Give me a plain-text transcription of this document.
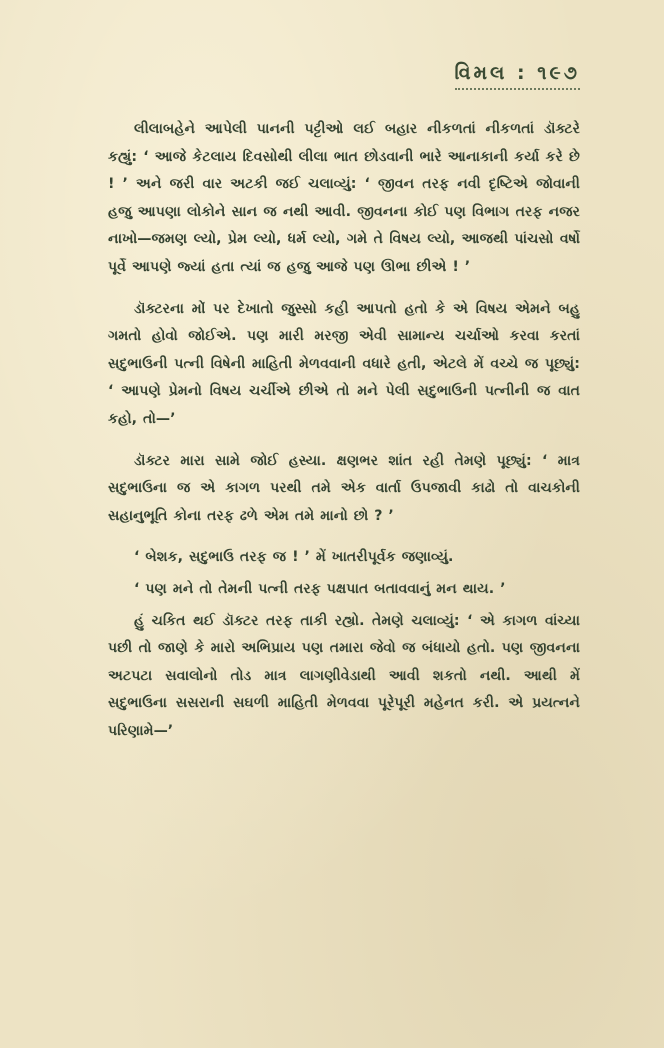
વિમલ : ૧૯૭

લીલાબહેને આપેલી પાનની પટ્ટીઓ લઈ બહાર નીકળતાં નીકળતાં ડૉક્ટરે કહ્યું: ‘ આજે કેટલાય દિવસોથી લીલા ભાત છોડવાની ભારે આનાકાની કર્યા કરે છે ! ’ અને જરી વાર અટકી જઈ ચલાવ્યું: ‘ જીવન તરફ નવી દૃષ્ટિએ જોવાની હજુ આપણા લોકોને સાન જ નથી આવી. જીવનના કોઈ પણ વિભાગ તરફ નજર નાખો—જમણ લ્યો, પ્રેમ લ્યો, ધર્મ લ્યો, ગમે તે વિષય લ્યો, આજથી પાંચસો વર્ષો પૂર્વે આપણે જ્યાં હતા ત્યાં જ હજુ આજે પણ ઊભા છીએ ! ’

ડૉક્ટરના મોં પર દેખાતો જુસ્સો કહી આપતો હતો કે એ વિષય એમને બહુ ગમતો હોવો જોઈએ. પણ મારી મરજી એવી સામાન્ય ચર્ચાઓ કરવા કરતાં સદુભાઉની પત્ની વિષેની માહિતી મેળવવાની વધારે હતી, એટલે મેં વચ્ચે જ પૂછ્યું: ‘ આપણે પ્રેમનો વિષય ચર્ચીએ છીએ તો મને પેલી સદુભાઉની પત્નીની જ વાત કહો, તો—’

ડૉક્ટર મારા સામે જોઈ હસ્યા. ક્ષણભર શાંત રહી તેમણે પૂછ્યું: ‘ માત્ર સદુભાઉના જ એ કાગળ પરથી તમે એક વાર્તા ઉપજાવી કાઢો તો વાચકોની સહાનુભૂતિ કોના તરફ ઢળે એમ તમે માનો છો ? ’

‘ બેશક, સદુભાઉ તરફ જ ! ’ મેં ખાતરીપૂર્વક જણાવ્યું.

‘ પણ મને તો તેમની પત્ની તરફ પક્ષપાત બતાવવાનું મન થાય. ’

હું ચકિત થઈ ડૉક્ટર તરફ તાકી રહ્યો. તેમણે ચલાવ્યું: ‘ એ કાગળ વાંચ્યા પછી તો જાણે કે મારો અભિપ્રાય પણ તમારા જેવો જ બંધાયો હતો. પણ જીવનના અટપટા સવાલોનો તોડ માત્ર લાગણીવેડાથી આવી શકતો નથી. આથી મેં સદુભાઉના સસરાની સઘળી માહિતી મેળવવા પૂરેપૂરી મહેનત કરી. એ પ્રયત્નને પરિણામે—’
